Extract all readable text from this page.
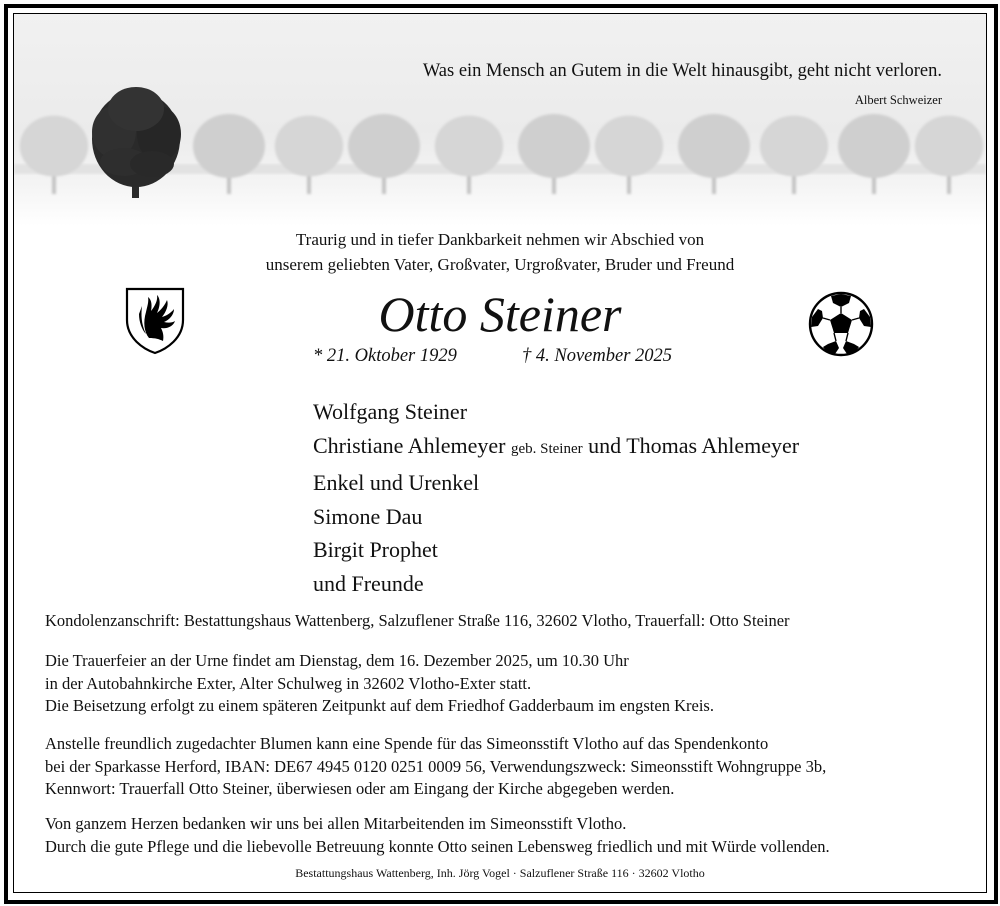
Was ein Mensch an Gutem in die Welt hinausgibt, geht nicht verloren.
Albert Schweizer
Traurig und in tiefer Dankbarkeit nehmen wir Abschied von
unserem geliebten Vater, Großvater, Urgroßvater, Bruder und Freund
Otto Steiner
* 21. Oktober 1929	† 4. November 2025
Wolfgang Steiner
Christiane Ahlemeyer geb. Steiner und Thomas Ahlemeyer
Enkel und Urenkel
Simone Dau
Birgit Prophet
und Freunde
Kondolenzanschrift: Bestattungshaus Wattenberg, Salzuflener Straße 116, 32602 Vlotho, Trauerfall: Otto Steiner
Die Trauerfeier an der Urne findet am Dienstag, dem 16. Dezember 2025, um 10.30 Uhr
in der Autobahnkirche Exter, Alter Schulweg in 32602 Vlotho-Exter statt.
Die Beisetzung erfolgt zu einem späteren Zeitpunkt auf dem Friedhof Gadderbaum im engsten Kreis.
Anstelle freundlich zugedachter Blumen kann eine Spende für das Simeonsstift Vlotho auf das Spendenkonto
bei der Sparkasse Herford, IBAN: DE67 4945 0120 0251 0009 56, Verwendungszweck: Simeonsstift Wohngruppe 3b,
Kennwort: Trauerfall Otto Steiner, überwiesen oder am Eingang der Kirche abgegeben werden.
Von ganzem Herzen bedanken wir uns bei allen Mitarbeitenden im Simeonsstift Vlotho.
Durch die gute Pflege und die liebevolle Betreuung konnte Otto seinen Lebensweg friedlich und mit Würde vollenden.
Bestattungshaus Wattenberg, Inh. Jörg Vogel · Salzuflener Straße 116 · 32602 Vlotho
